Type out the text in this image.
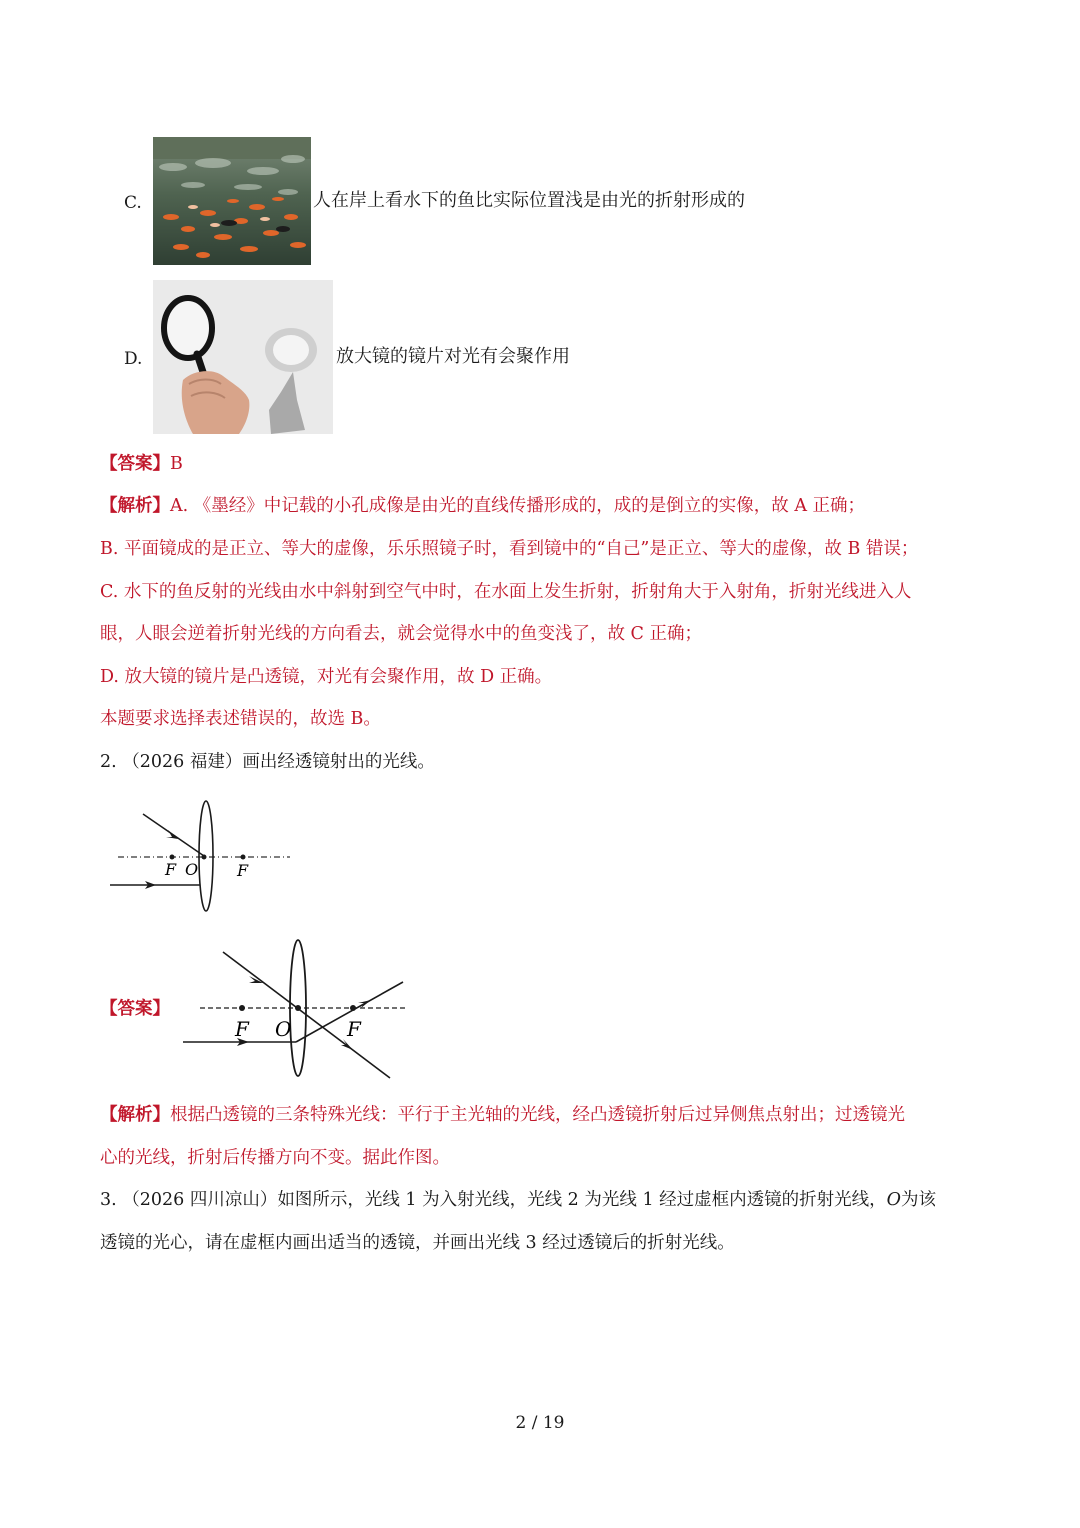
C.	人在岸上看水下的鱼比实际位置浅是由光的折射形成的
D.	放大镜的镜片对光有会聚作用
【答案】B
【解析】A. 《墨经》中记载的小孔成像是由光的直线传播形成的，成的是倒立的实像，故 A 正确；
B. 平面镜成的是正立、等大的虚像，乐乐照镜子时，看到镜中的“自己”是正立、等大的虚像，故 B 错误；
C. 水下的鱼反射的光线由水中斜射到空气中时，在水面上发生折射，折射角大于入射角，折射光线进入人
眼，人眼会逆着折射光线的方向看去，就会觉得水中的鱼变浅了，故 C 正确；
D. 放大镜的镜片是凸透镜，对光有会聚作用，故 D 正确。
本题要求选择表述错误的，故选 B。
2. （2026 福建）画出经透镜射出的光线。
F O F
【答案】
F O	F
【解析】根据凸透镜的三条特殊光线：平行于主光轴的光线，经凸透镜折射后过异侧焦点射出；过透镜光
心的光线，折射后传播方向不变。据此作图。
3. （2026 四川凉山）如图所示，光线 1 为入射光线，光线 2 为光线 1 经过虚框内透镜的折射光线，O为该
透镜的光心，请在虚框内画出适当的透镜，并画出光线 3 经过透镜后的折射光线。
2 / 19
